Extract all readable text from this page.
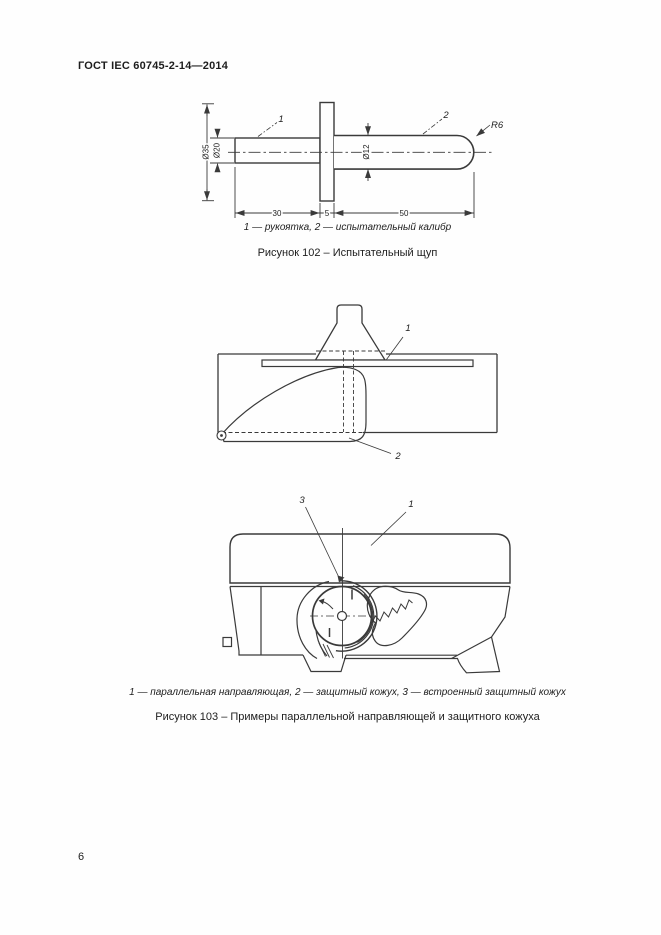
ГОСТ IEC 60745-2-14—2014
Ø35 Ø20	Ø12
30	5	50
1	2
R6
1 — рукоятка, 2 — испытательный калибр
Рисунок 102 – Испытательный щуп
1
2
3	1
1 — параллельная направляющая, 2 — защитный кожух, 3 — встроенный защитный кожух
Рисунок 103 – Примеры параллельной направляющей и защитного кожуха
6
